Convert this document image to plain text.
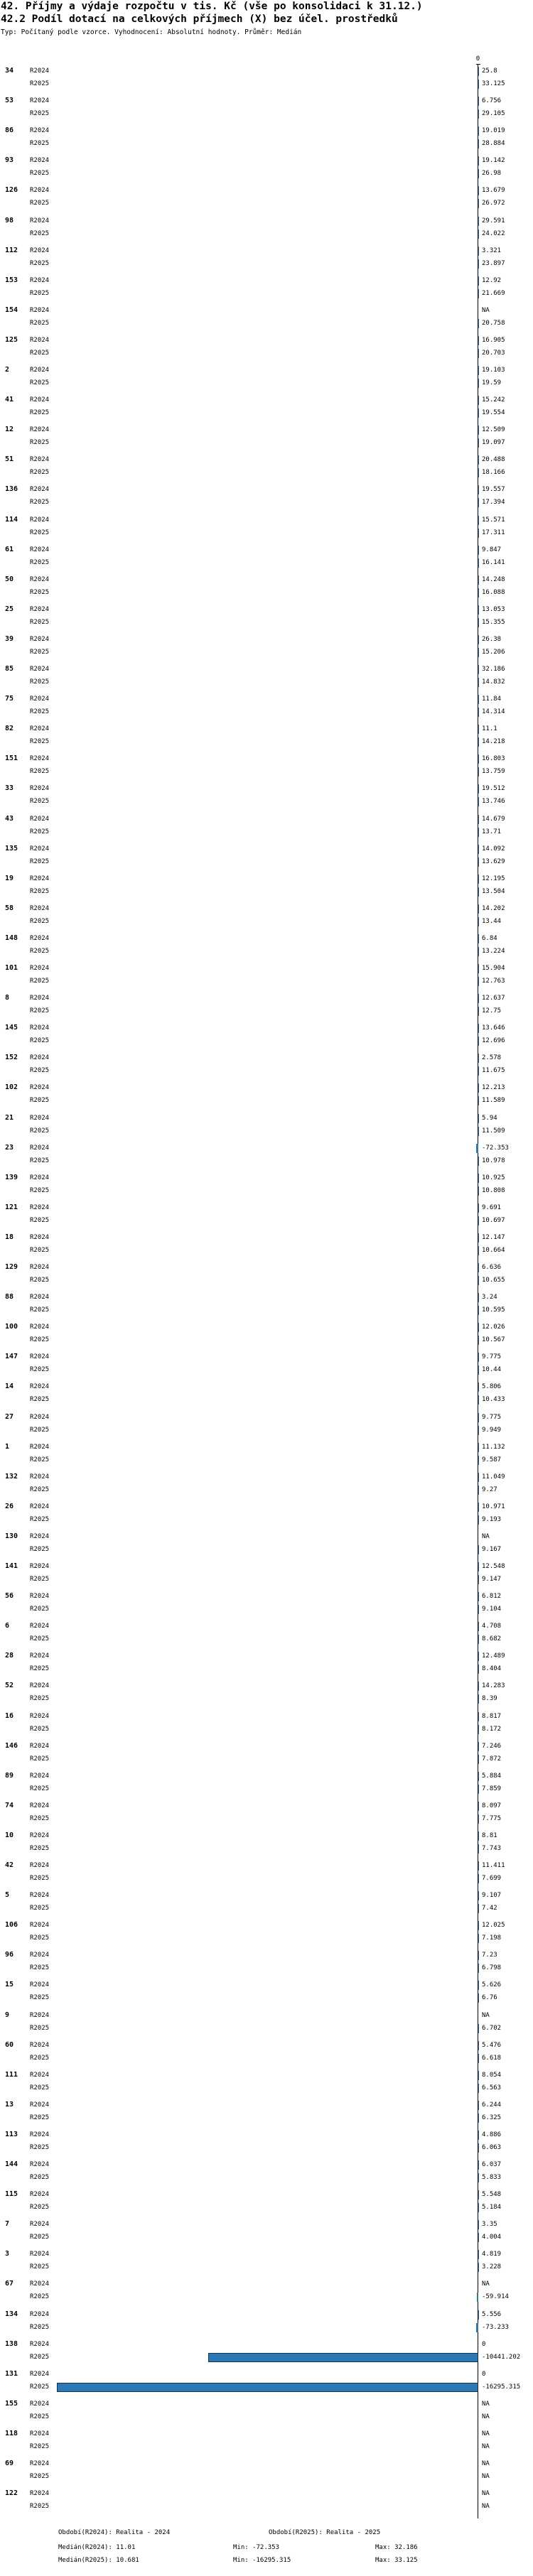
42. Příjmy a výdaje rozpočtu v tis. Kč (vše po konsolidaci k 31.12.)
42.2 Podíl dotací na celkových příjmech (X) bez účel. prostředků
Typ: Počítaný podle vzorce. Vyhodnocení: Absolutní hodnoty. Průměr: Medián
0
34	R2024	25.8
R2025	33.125
53	R2024	6.756
R2025	29.105
86	R2024	19.019
R2025	28.884
93	R2024	19.142
R2025	26.98
126 R2024	13.679
R2025	26.972
98	R2024	29.591
R2025	24.022
112 R2024	3.321
R2025	23.897
153 R2024	12.92
R2025	21.669
154 R2024	NA
R2025	20.758
125 R2024	16.905
R2025	20.703
2	R2024	19.103
R2025	19.59
41	R2024	15.242
R2025	19.554
12	R2024	12.509
R2025	19.097
51	R2024	20.488
R2025	18.166
136 R2024	19.557
R2025	17.394
114 R2024	15.571
R2025	17.311
61	R2024	9.847
R2025	16.141
50	R2024	14.248
R2025	16.088
25	R2024	13.053
R2025	15.355
39	R2024	26.38
R2025	15.206
85	R2024	32.186
R2025	14.832
75	R2024	11.84
R2025	14.314
82	R2024	11.1
R2025	14.218
151 R2024	16.803
R2025	13.759
33	R2024	19.512
R2025	13.746
43	R2024	14.679
R2025	13.71
135 R2024	14.092
R2025	13.629
19	R2024	12.195
R2025	13.504
58	R2024	14.202
R2025	13.44
148 R2024	6.84
R2025	13.224
101 R2024	15.904
R2025	12.763
8	R2024	12.637
R2025	12.75
145 R2024	13.646
R2025	12.696
152 R2024	2.578
R2025	11.675
102 R2024	12.213
R2025	11.589
21	R2024	5.94
R2025	11.509
23	R2024	-72.353
R2025	10.978
139 R2024	10.925
R2025	10.808
121 R2024	9.691
R2025	10.697
18	R2024	12.147
R2025	10.664
129 R2024	6.636
R2025	10.655
88	R2024	3.24
R2025	10.595
100 R2024	12.026
R2025	10.567
147 R2024	9.775
R2025	10.44
14	R2024	5.806
R2025	10.433
27	R2024	9.775
R2025	9.949
1	R2024	11.132
R2025	9.587
132 R2024	11.049
R2025	9.27
26	R2024	10.971
R2025	9.193
130 R2024	NA
R2025	9.167
141 R2024	12.548
R2025	9.147
56	R2024	6.812
R2025	9.104
6	R2024	4.708
R2025	8.682
28	R2024	12.489
R2025	8.404
52	R2024	14.283
R2025	8.39
16	R2024	8.817
R2025	8.172
146 R2024	7.246
R2025	7.872
89	R2024	5.884
R2025	7.859
74	R2024	8.097
R2025	7.775
10	R2024	8.81
R2025	7.743
42	R2024	11.411
R2025	7.699
5	R2024	9.107
R2025	7.42
106 R2024	12.025
R2025	7.198
96	R2024	7.23
R2025	6.798
15	R2024	5.626
R2025	6.76
9	R2024	NA
R2025	6.702
60	R2024	5.476
R2025	6.618
111 R2024	8.054
R2025	6.563
13	R2024	6.244
R2025	6.325
113 R2024	4.886
R2025	6.063
144 R2024	6.037
R2025	5.833
115 R2024	5.548
R2025	5.184
7	R2024	3.35
R2025	4.004
3	R2024	4.819
R2025	3.228
67	R2024	NA
R2025	-59.914
134 R2024	5.556
R2025	-73.233
138 R2024	0
R2025	-10441.202
131 R2024	0
R2025	-16295.315
155 R2024	NA
R2025	NA
118 R2024	NA
R2025	NA
69	R2024	NA
R2025	NA
122 R2024	NA
R2025	NA
Období(R2024): Realita - 2024	Období(R2025): Realita - 2025
Medián(R2024): 11.01	Min: -72.353	Max: 32.186
Medián(R2025): 10.681	Min: -16295.315	Max: 33.125
